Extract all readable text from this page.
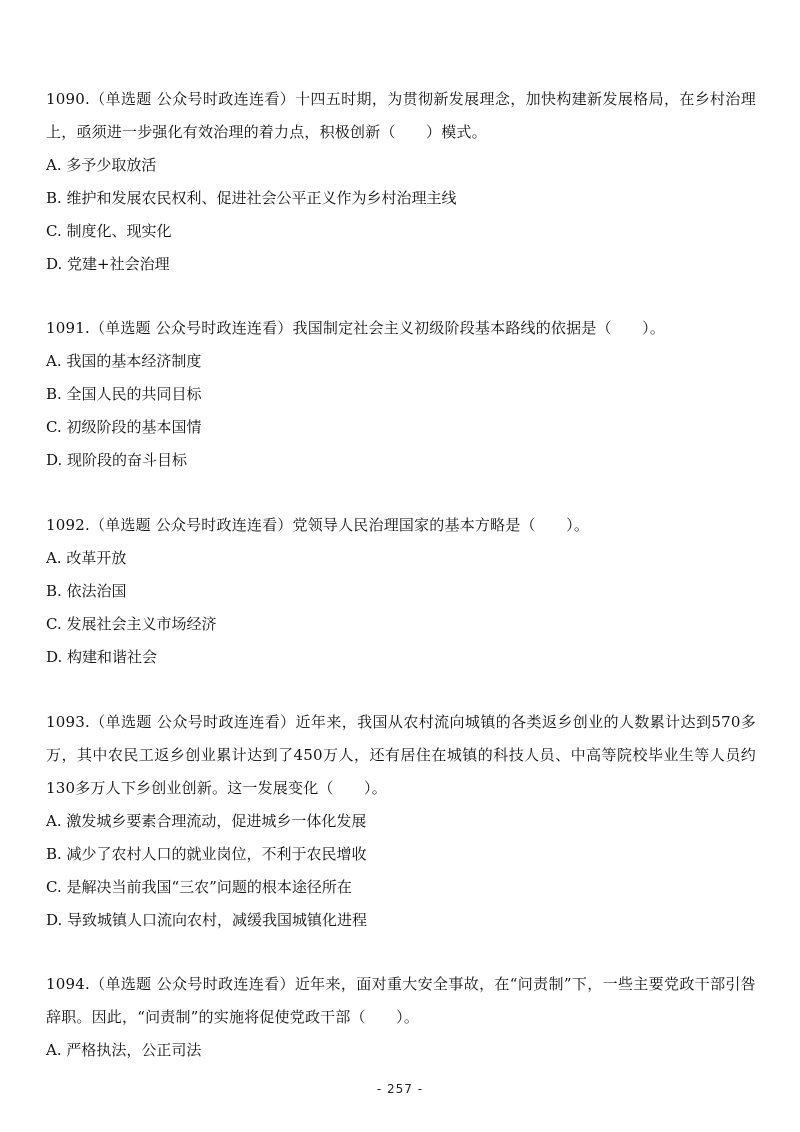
1090.（单选题 公众号时政连连看）十四五时期，为贯彻新发展理念，加快构建新发展格局，在乡村治理上，亟须进一步强化有效治理的着力点，积极创新（　　）模式。

A. 多予少取放活
B. 维护和发展农民权利、促进社会公平正义作为乡村治理主线
C. 制度化、现实化
D. 党建+社会治理

1091.（单选题 公众号时政连连看）我国制定社会主义初级阶段基本路线的依据是（　　）。

A. 我国的基本经济制度
B. 全国人民的共同目标
C. 初级阶段的基本国情
D. 现阶段的奋斗目标

1092.（单选题 公众号时政连连看）党领导人民治理国家的基本方略是（　　）。

A. 改革开放
B. 依法治国
C. 发展社会主义市场经济
D. 构建和谐社会

1093.（单选题 公众号时政连连看）近年来，我国从农村流向城镇的各类返乡创业的人数累计达到570多万，其中农民工返乡创业累计达到了450万人，还有居住在城镇的科技人员、中高等院校毕业生等人员约130多万人下乡创业创新。这一发展变化（　　）。

A. 激发城乡要素合理流动，促进城乡一体化发展
B. 减少了农村人口的就业岗位，不利于农民增收
C. 是解决当前我国“三农”问题的根本途径所在
D. 导致城镇人口流向农村，减缓我国城镇化进程

1094.（单选题 公众号时政连连看）近年来，面对重大安全事故，在“问责制”下，一些主要党政干部引咎辞职。因此，“问责制”的实施将促使党政干部（　　）。

A. 严格执法，公正司法
- 257 -
